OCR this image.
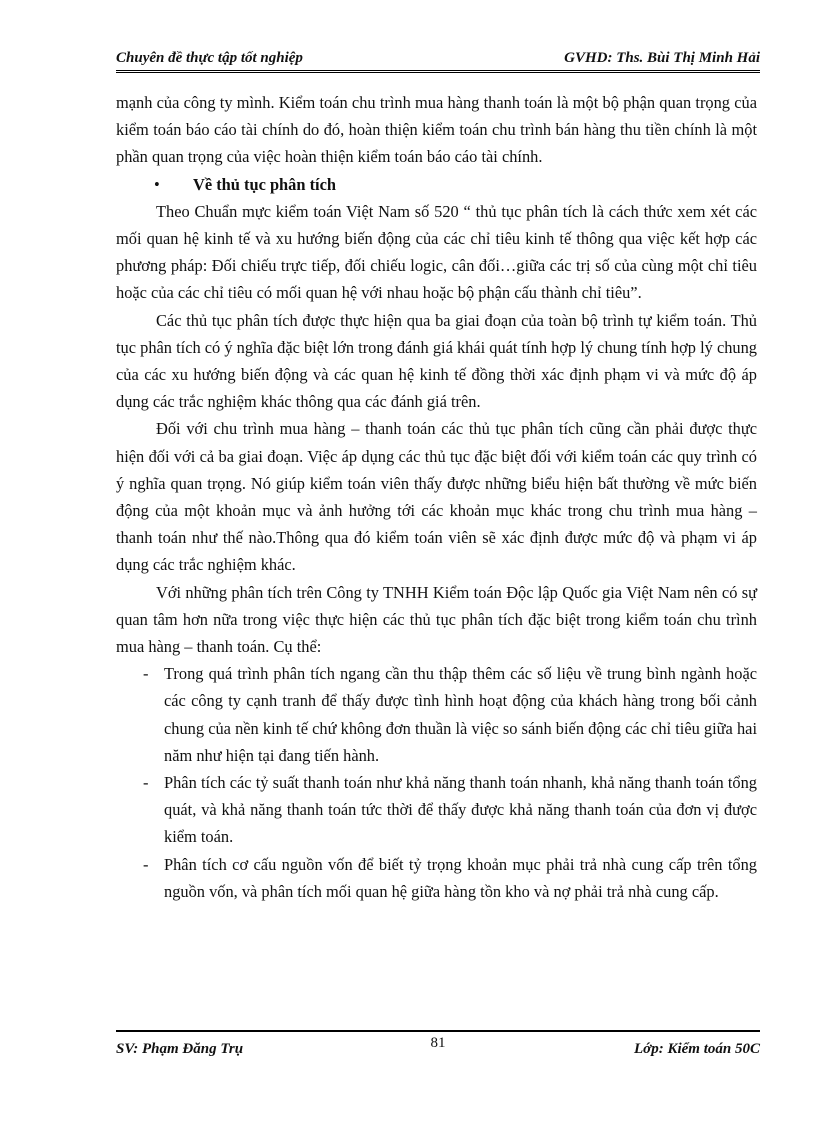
Chuyên đề thực tập tốt nghiệp	GVHD: Ths. Bùi Thị Minh Hải

mạnh của công ty mình. Kiểm toán chu trình mua hàng thanh toán là một bộ phận quan trọng của kiểm toán báo cáo tài chính do đó, hoàn thiện kiểm toán chu trình bán hàng thu tiền chính là một phần quan trọng của việc hoàn thiện kiểm toán báo cáo tài chính.

• Về thủ tục phân tích

Theo Chuẩn mực kiểm toán Việt Nam số 520 “ thủ tục phân tích là cách thức xem xét các mối quan hệ kinh tế và xu hướng biến động của các chỉ tiêu kinh tế thông qua việc kết hợp các phương pháp: Đối chiếu trực tiếp, đối chiếu logic, cân đối…giữa các trị số của cùng một chỉ tiêu hoặc của các chỉ tiêu có mối quan hệ với nhau hoặc bộ phận cấu thành chỉ tiêu”.

Các thủ tục phân tích được thực hiện qua ba giai đoạn của toàn bộ trình tự kiểm toán. Thủ tục phân tích có ý nghĩa đặc biệt lớn trong đánh giá khái quát tính hợp lý chung tính hợp lý chung của các xu hướng biến động và các quan hệ kinh tế đồng thời xác định phạm vi và mức độ áp dụng các trắc nghiệm khác thông qua các đánh giá trên.

Đối với chu trình mua hàng – thanh toán các thủ tục phân tích cũng cần phải được thực hiện đối với cả ba giai đoạn. Việc áp dụng các thủ tục đặc biệt đối với kiểm toán các quy trình có ý nghĩa quan trọng. Nó giúp kiểm toán viên thấy được những biểu hiện bất thường về mức biến động của một khoản mục và ảnh hưởng tới các khoản mục khác trong chu trình mua hàng – thanh toán như thế nào.Thông qua đó kiểm toán viên sẽ xác định được mức độ và phạm vi áp dụng các trắc nghiệm khác.

Với những phân tích trên Công ty TNHH Kiểm toán Độc lập Quốc gia Việt Nam nên có sự quan tâm hơn nữa trong việc thực hiện các thủ tục phân tích đặc biệt trong kiểm toán chu trình mua hàng – thanh toán. Cụ thể:

- Trong quá trình phân tích ngang cần thu thập thêm các số liệu về trung bình ngành hoặc các công ty cạnh tranh để thấy được tình hình hoạt động của khách hàng trong bối cảnh chung của nền kinh tế chứ không đơn thuần là việc so sánh biến động các chỉ tiêu giữa hai năm như hiện tại đang tiến hành.
- Phân tích các tỷ suất thanh toán như khả năng thanh toán nhanh, khả năng thanh toán tổng quát, và khả năng thanh toán tức thời để thấy được khả năng thanh toán của đơn vị được kiểm toán.
- Phân tích cơ cấu nguồn vốn để biết tỷ trọng khoản mục phải trả nhà cung cấp trên tổng nguồn vốn, và phân tích mối quan hệ giữa hàng tồn kho và nợ phải trả nhà cung cấp.
SV: Phạm Đăng Trụ	81	Lớp: Kiểm toán 50C
